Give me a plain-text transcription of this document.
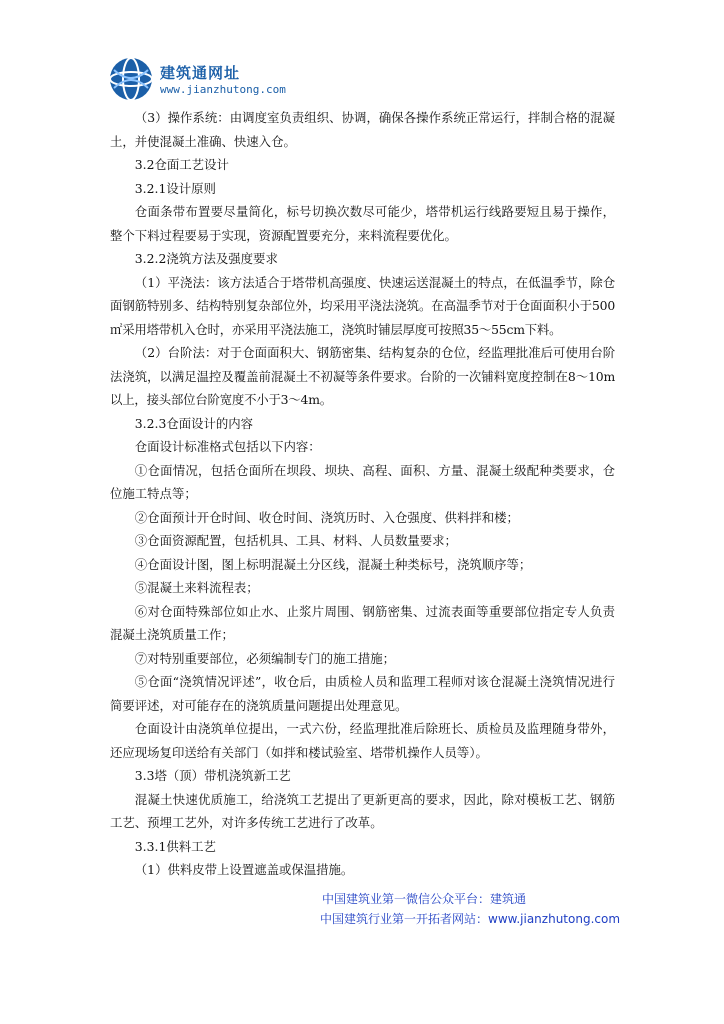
建筑通网址
www.jianzhutong.com

（3）操作系统：由调度室负责组织、协调，确保各操作系统正常运行，拌制合格的混凝土，并使混凝土准确、快速入仓。

3.2仓面工艺设计

3.2.1设计原则

仓面条带布置要尽量简化，标号切换次数尽可能少，塔带机运行线路要短且易于操作，整个下料过程要易于实现，资源配置要充分，来料流程要优化。

3.2.2浇筑方法及强度要求

（1）平浇法：该方法适合于塔带机高强度、快速运送混凝土的特点，在低温季节，除仓面钢筋特别多、结构特别复杂部位外，均采用平浇法浇筑。在高温季节对于仓面面积小于500㎡采用塔带机入仓时，亦采用平浇法施工，浇筑时铺层厚度可按照35～55cm下料。

（2）台阶法：对于仓面面积大、钢筋密集、结构复杂的仓位，经监理批准后可使用台阶法浇筑，以满足温控及覆盖前混凝土不初凝等条件要求。台阶的一次铺料宽度控制在8～10m以上，接头部位台阶宽度不小于3～4m。

3.2.3仓面设计的内容

仓面设计标准格式包括以下内容：

①仓面情况，包括仓面所在坝段、坝块、高程、面积、方量、混凝土级配种类要求，仓位施工特点等；

②仓面预计开仓时间、收仓时间、浇筑历时、入仓强度、供料拌和楼；

③仓面资源配置，包括机具、工具、材料、人员数量要求；

④仓面设计图，图上标明混凝土分区线，混凝土种类标号，浇筑顺序等；

⑤混凝土来料流程表；

⑥对仓面特殊部位如止水、止浆片周围、钢筋密集、过流表面等重要部位指定专人负责混凝土浇筑质量工作；

⑦对特别重要部位，必须编制专门的施工措施；

⑤仓面“浇筑情况评述”，收仓后，由质检人员和监理工程师对该仓混凝土浇筑情况进行简要评述，对可能存在的浇筑质量问题提出处理意见。

仓面设计由浇筑单位提出，一式六份，经监理批准后除班长、质检员及监理随身带外，还应现场复印送给有关部门（如拌和楼试验室、塔带机操作人员等）。

3.3塔（顶）带机浇筑新工艺

混凝土快速优质施工，给浇筑工艺提出了更新更高的要求，因此，除对模板工艺、钢筋工艺、预埋工艺外，对许多传统工艺进行了改革。

3.3.1供料工艺

（1）供料皮带上设置遮盖或保温措施。

中国建筑业第一微信公众平台：建筑通
中国建筑行业第一开拓者网站：www.jianzhutong.com
